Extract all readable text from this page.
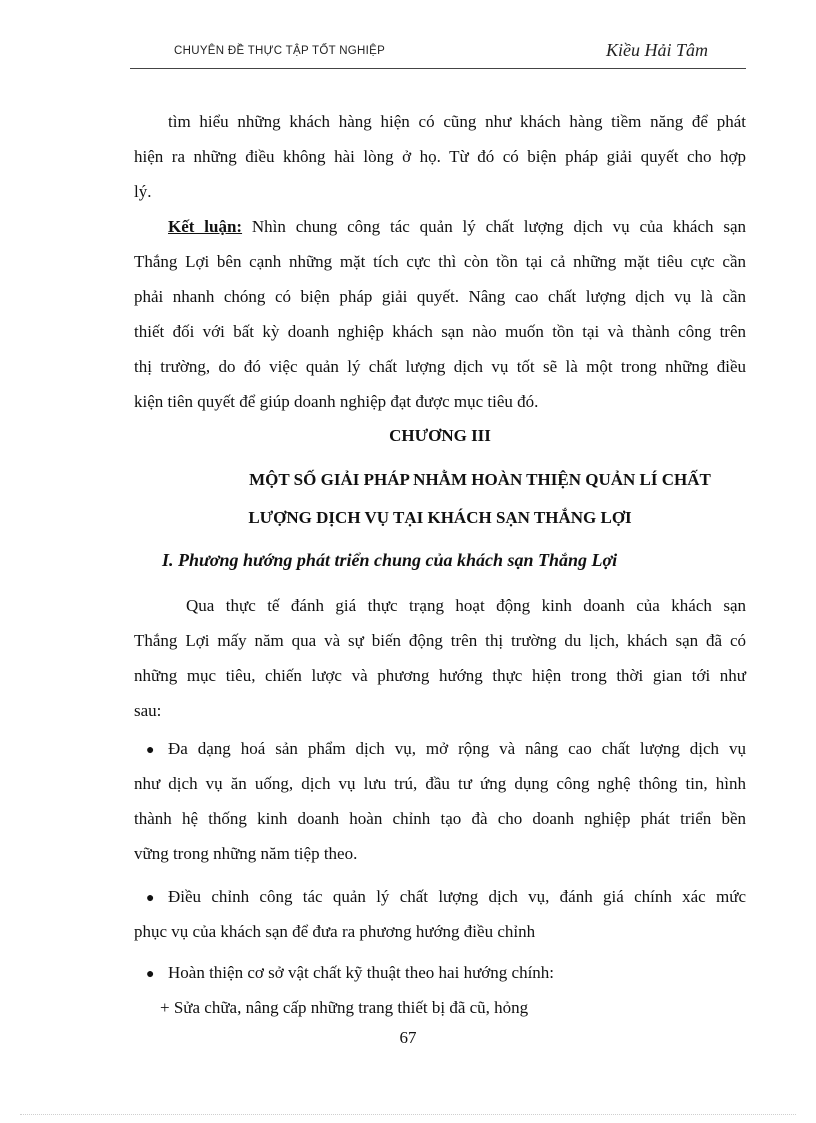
CHUYÊN ĐỀ THỰC TẬP TỐT NGHIỆP	Kiều Hải Tâm
tìm hiểu những khách hàng hiện có cũng như khách hàng tiềm năng để phát
hiện ra những điều không hài lòng ở họ. Từ đó có biện pháp giải quyết cho hợp
lý.
Kết luận: Nhìn chung công tác quản lý chất lượng dịch vụ của khách sạn
Thắng Lợi bên cạnh những mặt tích cực thì còn tồn tại cả những mặt tiêu cực cần
phải nhanh chóng có biện pháp giải quyết. Nâng cao chất lượng dịch vụ là cần
thiết đối với bất kỳ doanh nghiệp khách sạn nào muốn tồn tại và thành công trên
thị trường, do đó việc quản lý chất lượng dịch vụ tốt sẽ là một trong những điều
kiện tiên quyết để giúp doanh nghiệp đạt được mục tiêu đó.
CHƯƠNG III
MỘT SỐ GIẢI PHÁP NHẰM HOÀN THIỆN QUẢN LÍ CHẤT
LƯỢNG DỊCH VỤ TẠI KHÁCH SẠN THẮNG LỢI
I. Phương hướng phát triển chung của khách sạn Thắng Lợi
Qua thực tế đánh giá thực trạng hoạt động kinh doanh của khách sạn
Thắng Lợi mấy năm qua và sự biến động trên thị trường du lịch, khách sạn đã có
những mục tiêu, chiến lược và phương hướng thực hiện trong thời gian tới như
sau:
● Đa dạng hoá sản phẩm dịch vụ, mở rộng và nâng cao chất lượng dịch vụ
như dịch vụ ăn uống, dịch vụ lưu trú, đầu tư ứng dụng công nghệ thông tin, hình
thành hệ thống kinh doanh hoàn chỉnh tạo đà cho doanh nghiệp phát triển bền
vững trong những năm tiệp theo.
● Điều chỉnh công tác quản lý chất lượng dịch vụ, đánh giá chính xác mức
phục vụ của khách sạn để đưa ra phương hướng điều chỉnh
● Hoàn thiện cơ sở vật chất kỹ thuật theo hai hướng chính:
+ Sửa chữa, nâng cấp những trang thiết bị đã cũ, hỏng
67
